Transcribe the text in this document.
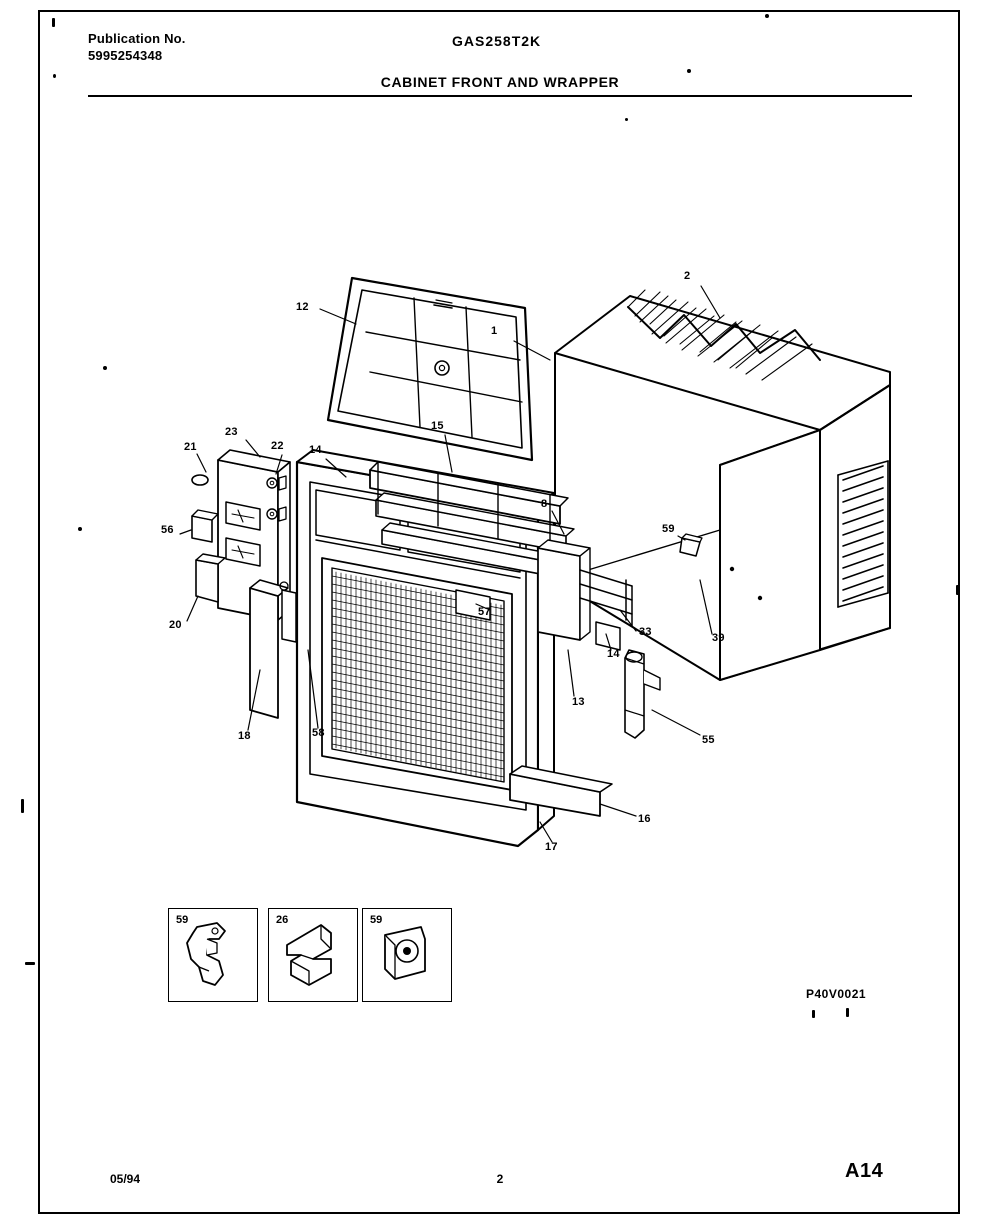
Publication No.
5995254348
GAS258T2K
CABINET FRONT AND WRAPPER
2
12
1
23
21	22 14
15
8
59
56
20
57
33	39
14
13
55
58
18
16
17
59	26	59
P40V0021
05/94	2	A14
